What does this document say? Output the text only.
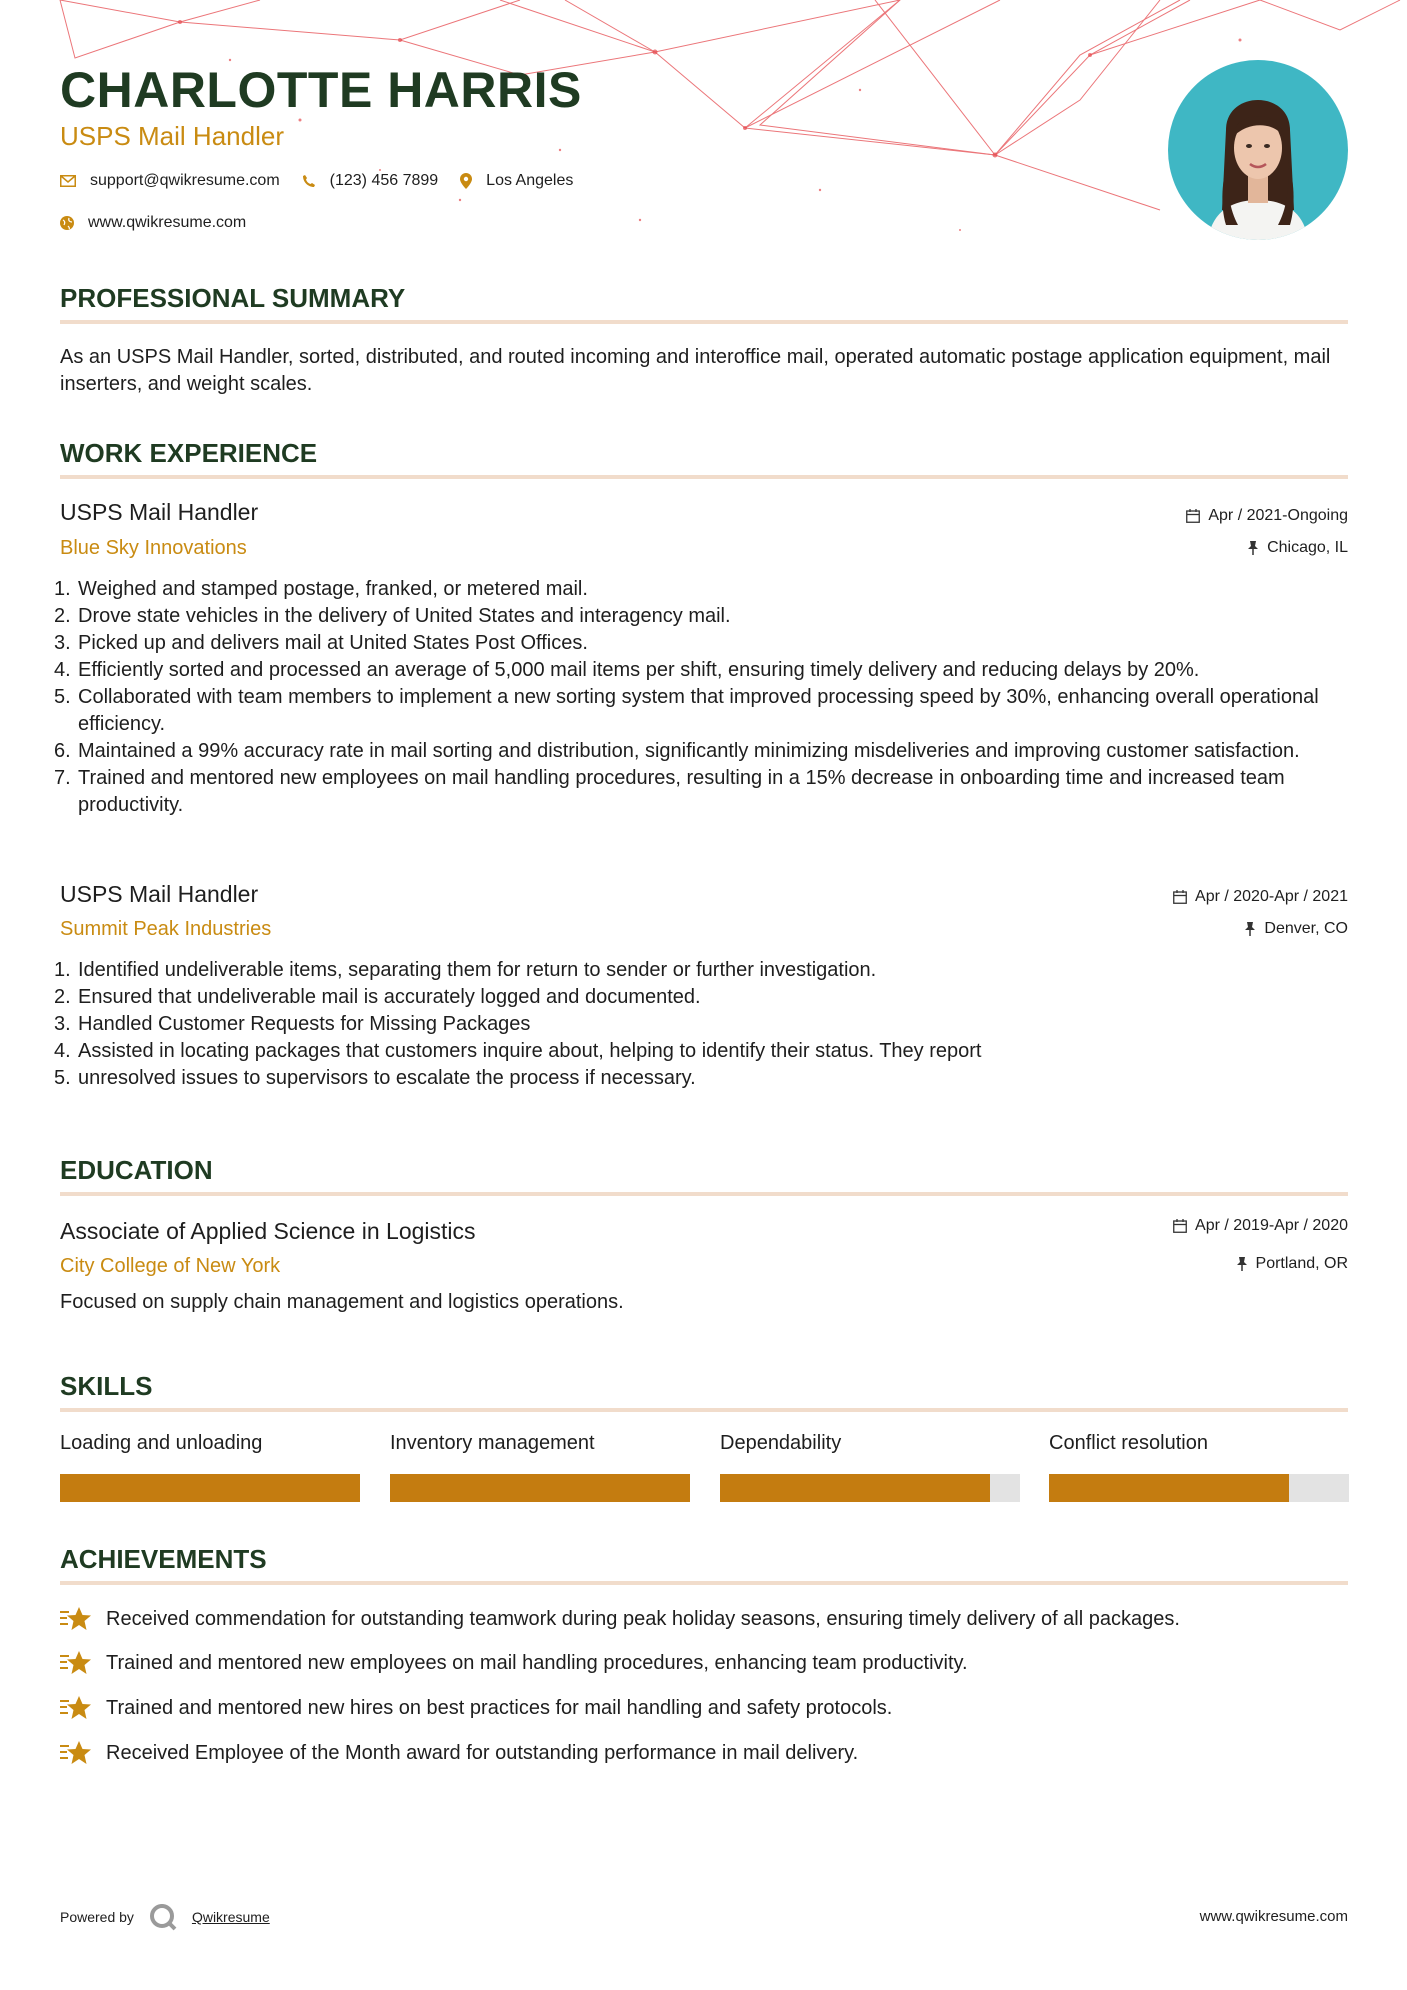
CHARLOTTE HARRIS
USPS Mail Handler
support@qwikresume.com	(123) 456 7899	Los Angeles
www.qwikresume.com
PROFESSIONAL SUMMARY

As an USPS Mail Handler, sorted, distributed, and routed incoming and interoffice mail, operated automatic postage application equipment, mail inserters, and weight scales.

WORK EXPERIENCE
USPS Mail Handler
Blue Sky Innovations
Apr / 2021-Ongoing
Chicago, IL
1. Weighed and stamped postage, franked, or metered mail.
2. Drove state vehicles in the delivery of United States and interagency mail.
3. Picked up and delivers mail at United States Post Offices.
4. Efficiently sorted and processed an average of 5,000 mail items per shift, ensuring timely delivery and reducing delays by 20%.
5. Collaborated with team members to implement a new sorting system that improved processing speed by 30%, enhancing overall operational efficiency.
6. Maintained a 99% accuracy rate in mail sorting and distribution, significantly minimizing misdeliveries and improving customer satisfaction.
7. Trained and mentored new employees on mail handling procedures, resulting in a 15% decrease in onboarding time and increased team productivity.
USPS Mail Handler
Summit Peak Industries
Apr / 2020-Apr / 2021
Denver, CO
1. Identified undeliverable items, separating them for return to sender or further investigation.
2. Ensured that undeliverable mail is accurately logged and documented.
3. Handled Customer Requests for Missing Packages
4. Assisted in locating packages that customers inquire about, helping to identify their status. They report
5. unresolved issues to supervisors to escalate the process if necessary.
EDUCATION
Associate of Applied Science in Logistics
City College of New York
Apr / 2019-Apr / 2020
Portland, OR

Focused on supply chain management and logistics operations.

SKILLS
Loading and unloading	Inventory management	Dependability	Conflict resolution
ACHIEVEMENTS
Received commendation for outstanding teamwork during peak holiday seasons, ensuring timely delivery of all packages.
Trained and mentored new employees on mail handling procedures, enhancing team productivity.
Trained and mentored new hires on best practices for mail handling and safety protocols.
Received Employee of the Month award for outstanding performance in mail delivery.
Powered by	Qwikresume	www.qwikresume.com
